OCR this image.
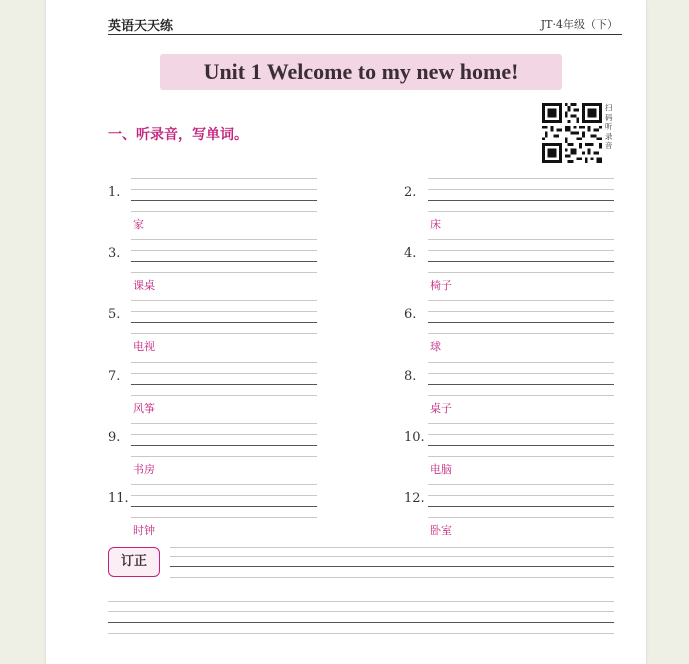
英语天天练	JT·4年级（下）
Unit 1 Welcome to my new home!
一、听录音，写单词。
扫码听录音
1.	2.
3.	4.
5.	6.
7.	8.
9.	10.
11.	12.
家	床
课桌	椅子
电视	球
风筝	桌子
书房	电脑
时钟	卧室
订正
